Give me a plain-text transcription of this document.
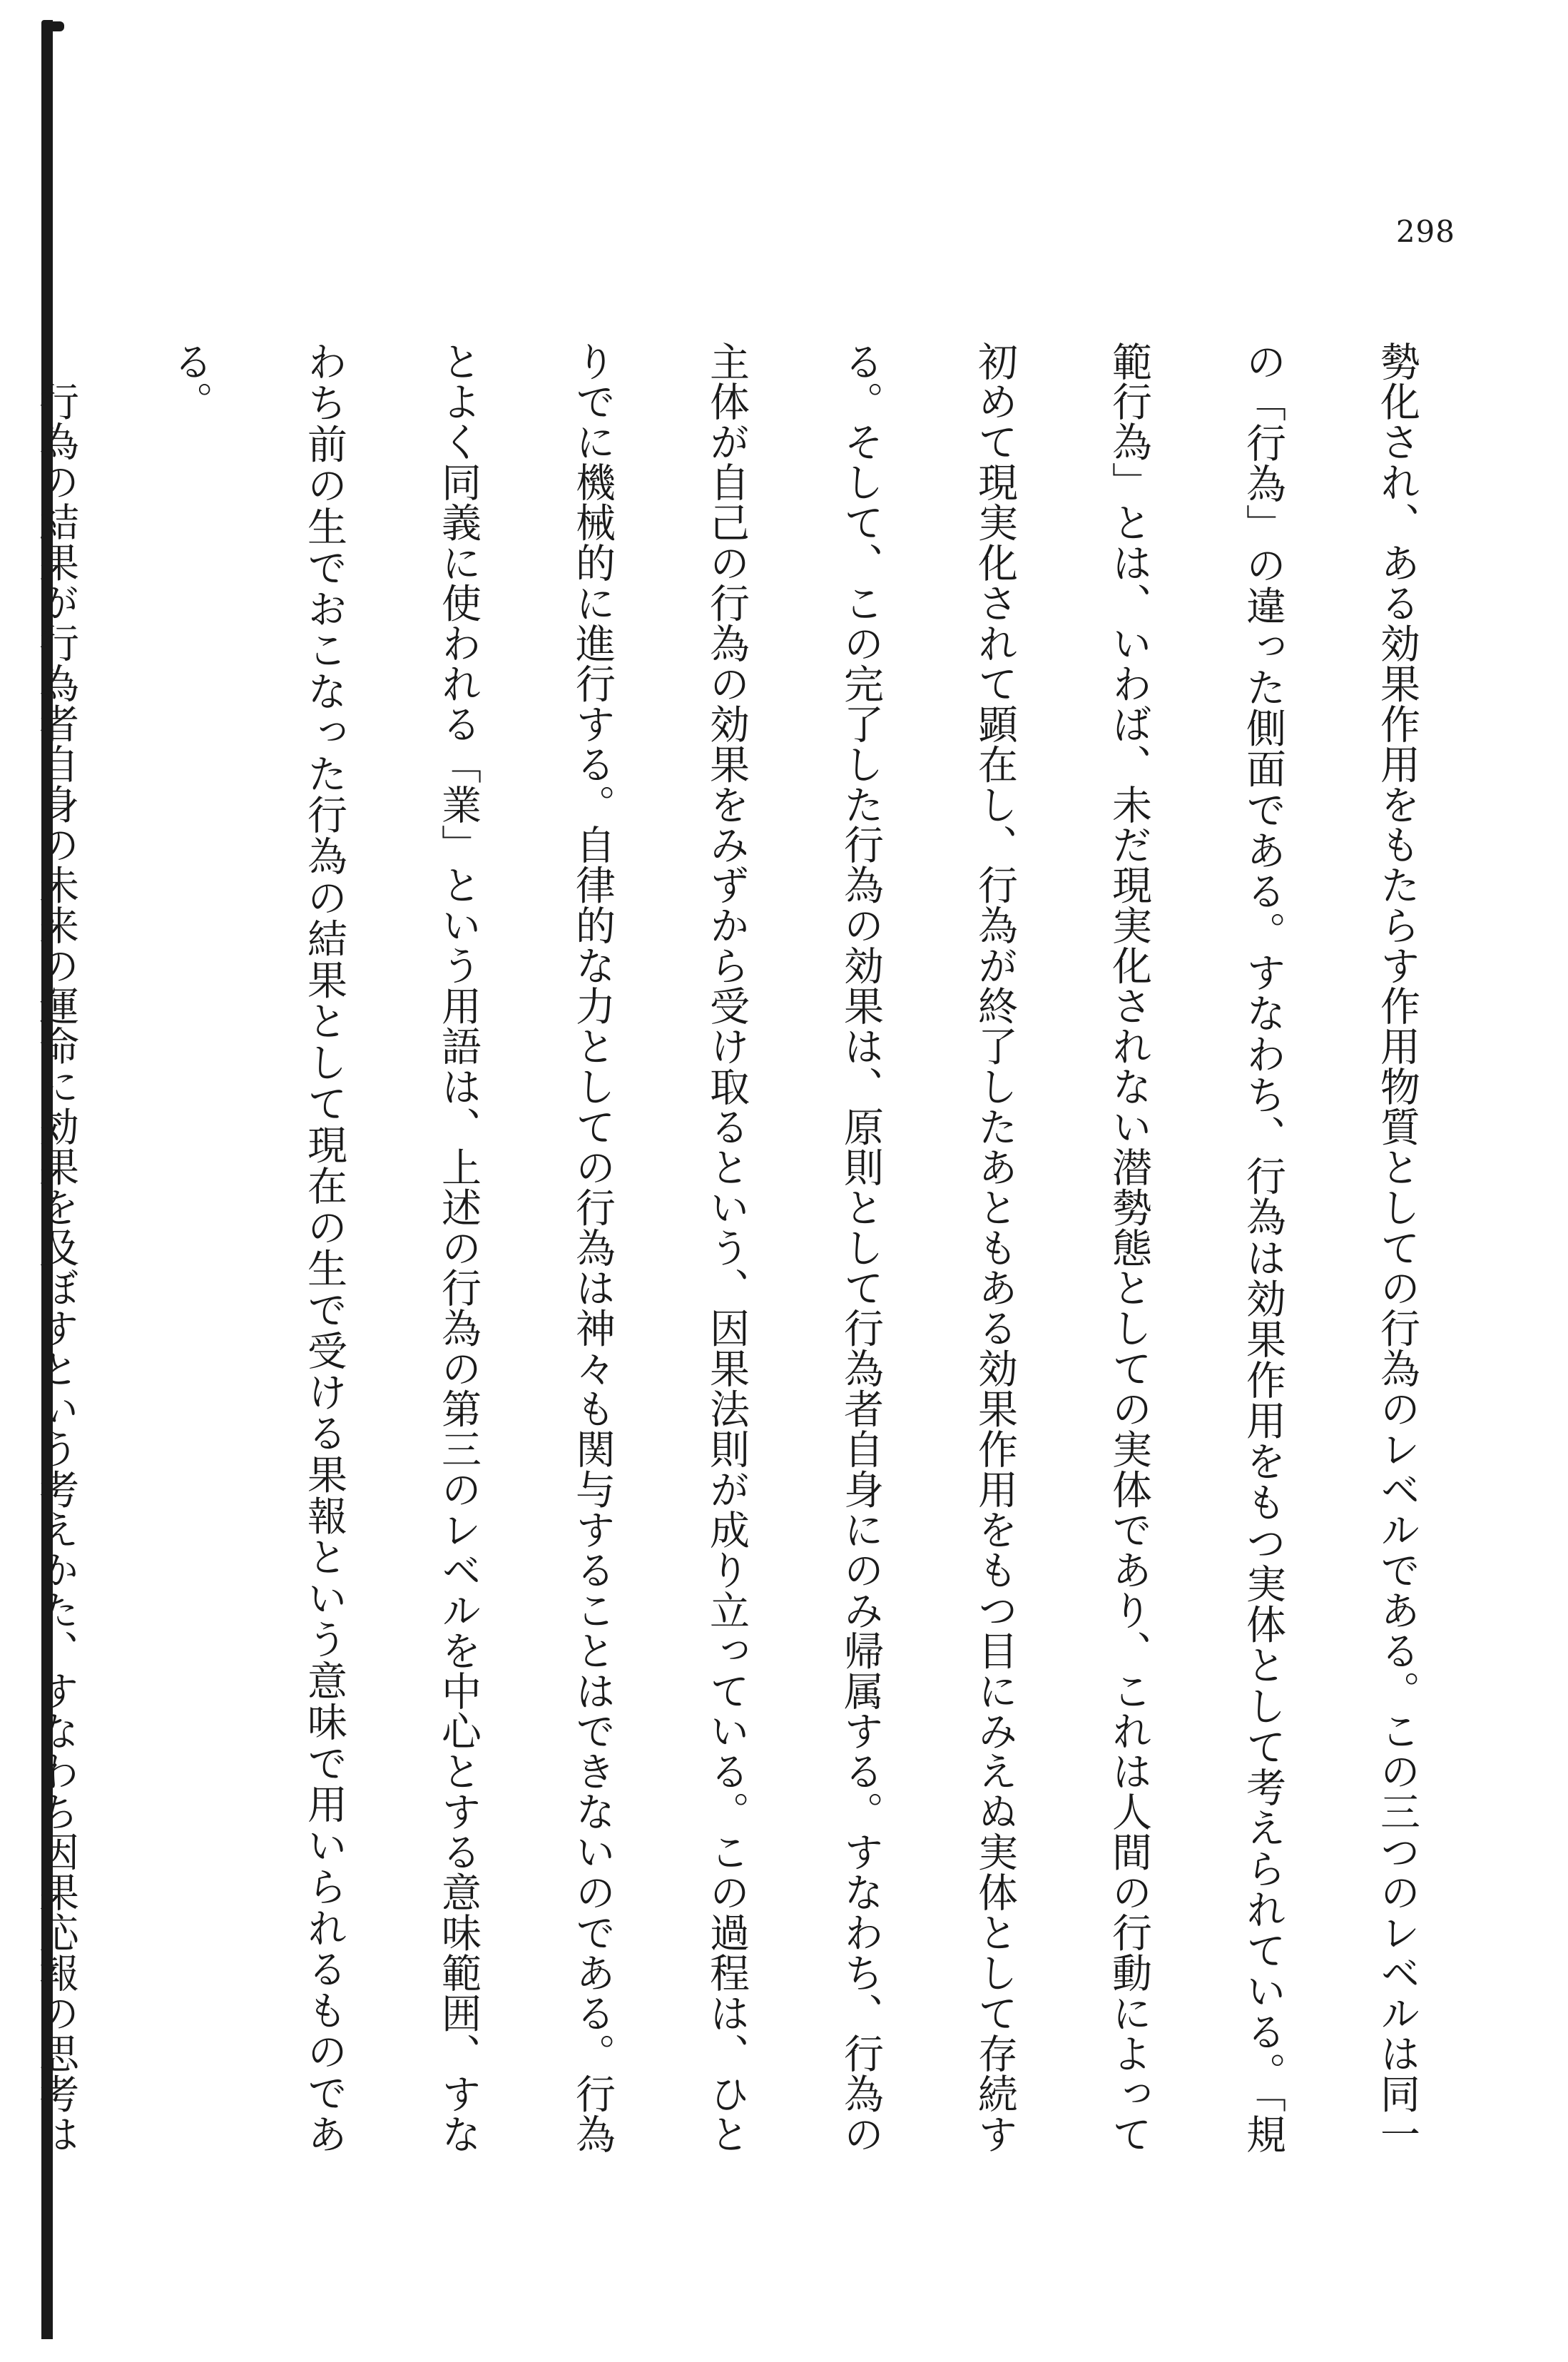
298

勢化され、ある効果作用をもたらす作用物質としての行為のレベルである。この三つのレベルは同一の「行為」の違った側面である。すなわち、行為は効果作用をもつ実体として考えられている。「規範行為」とは、いわば、未だ現実化されない潜勢態としての実体であり、これは人間の行動によって初めて現実化されて顕在し、行為が終了したあともある効果作用をもつ目にみえぬ実体として存続する。そして、この完了した行為の効果は、原則として行為者自身にのみ帰属する。すなわち、行為の主体が自己の行為の効果をみずから受け取るという、因果法則が成り立っている。この過程は、ひとりでに機械的に進行する。自律的な力としての行為は神々も関与することはできないのである。行為とよく同義に使われる「業」という用語は、上述の行為の第三のレベルを中心とする意味範囲、すなわち前の生でおこなった行為の結果として現在の生で受ける果報という意味で用いられるものである。

行為の結果が行為者自身の未来の運命に効果を及ぼすという考えかた、すなわち因果応報の思考は
